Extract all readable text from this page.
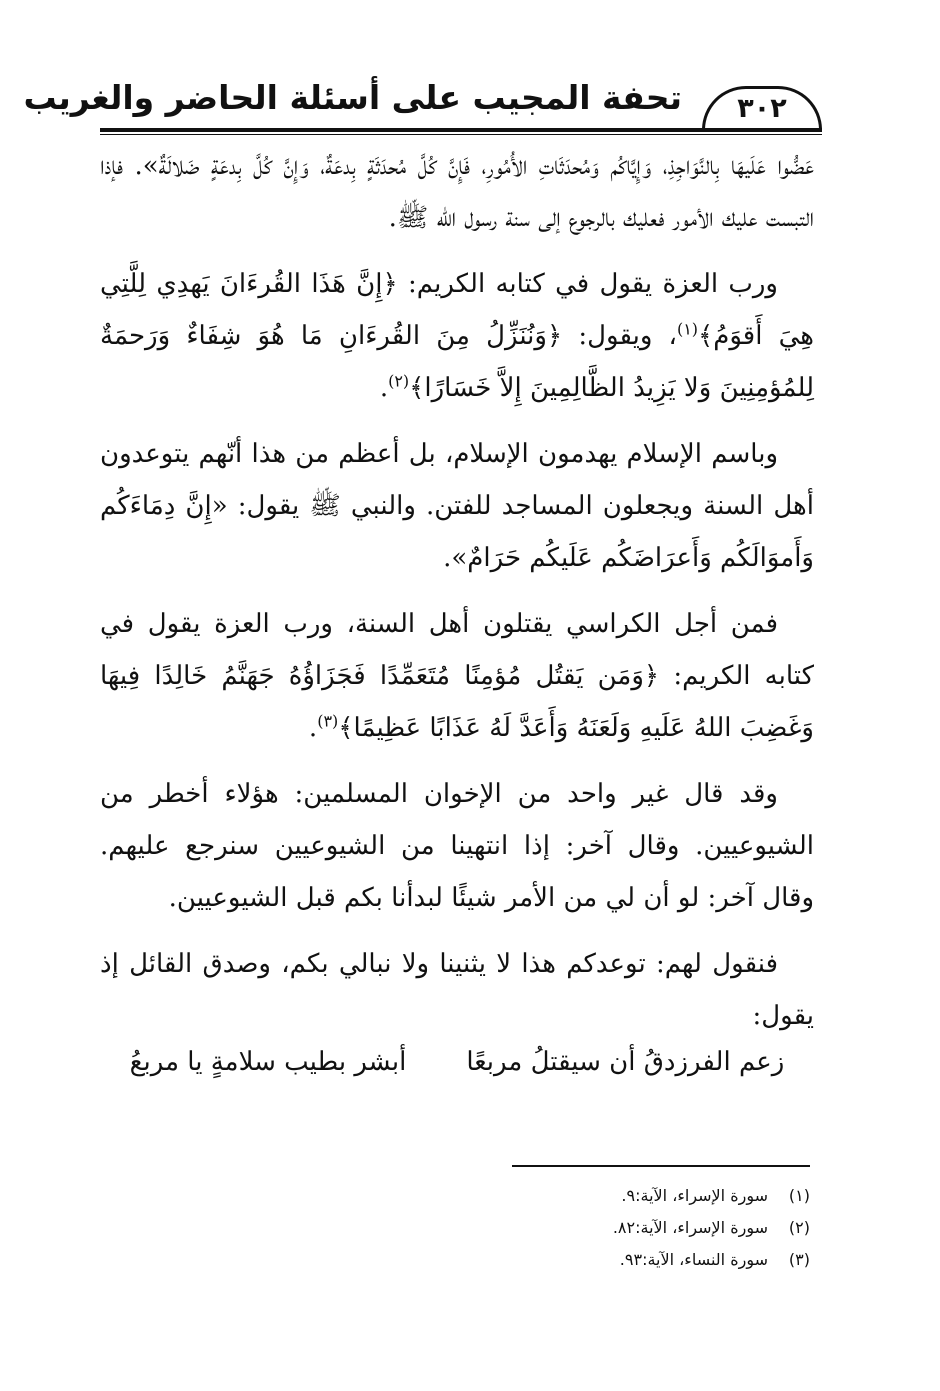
تحفة المجيب على أسئلة الحاضر والغريب	٣٠٢

عَضُّوا عَلَيهَا بِالنَّوَاجِذِ، وَإِيَّاكُم وَمُحدَثَاتِ الأُمُورِ، فَإِنَّ كُلَّ مُحدَثَةٍ بِدعَةٌ، وَإِنَّ كُلَّ بِدعَةٍ ضَلالَةٌ». فإذا التبست عليك الأمور فعليك بالرجوع إلى سنة رسول الله ﷺ.

ورب العزة يقول في كتابه الكريم: ﴿إِنَّ هَذَا القُرءَانَ يَهدِي لِلَّتِي هِيَ أَقوَمُ﴾$^{(١)}$، ويقول: ﴿وَنُنَزِّلُ مِنَ القُرءَانِ مَا هُوَ شِفَاءٌ وَرَحمَةٌ لِلمُؤمِنِينَ وَلا يَزِيدُ الظَّالِمِينَ إِلاَّ خَسَارًا﴾$^{(٢)}$.

وباسم الإسلام يهدمون الإسلام، بل أعظم من هذا أنّهم يتوعدون أهل السنة ويجعلون المساجد للفتن. والنبي ﷺ يقول: «إِنَّ دِمَاءَكُم وَأَموَالَكُم وَأَعرَاضَكُم عَلَيكُم حَرَامٌ».

فمن أجل الكراسي يقتلون أهل السنة، ورب العزة يقول في كتابه الكريم: ﴿وَمَن يَقتُل مُؤمِنًا مُتَعَمِّدًا فَجَزَاؤُهُ جَهَنَّمُ خَالِدًا فِيهَا وَغَضِبَ اللهُ عَلَيهِ وَلَعَنَهُ وَأَعَدَّ لَهُ عَذَابًا عَظِيمًا﴾$^{(٣)}$.

وقد قال غير واحد من الإخوان المسلمين: هؤلاء أخطر من الشيوعيين. وقال آخر: إذا انتهينا من الشيوعيين سنرجع عليهم. وقال آخر: لو أن لي من الأمر شيئًا لبدأنا بكم قبل الشيوعيين.

فنقول لهم: توعدكم هذا لا يثنينا ولا نبالي بكم، وصدق القائل إذ يقول:

زعم الفرزدقُ أن سيقتلُ مربعًا
أبشر بطيب سلامةٍ يا مربعُ
(١)
سورة الإسراء، الآية:٩.
(٢)
سورة الإسراء، الآية:٨٢.
(٣)
سورة النساء، الآية:٩٣.
